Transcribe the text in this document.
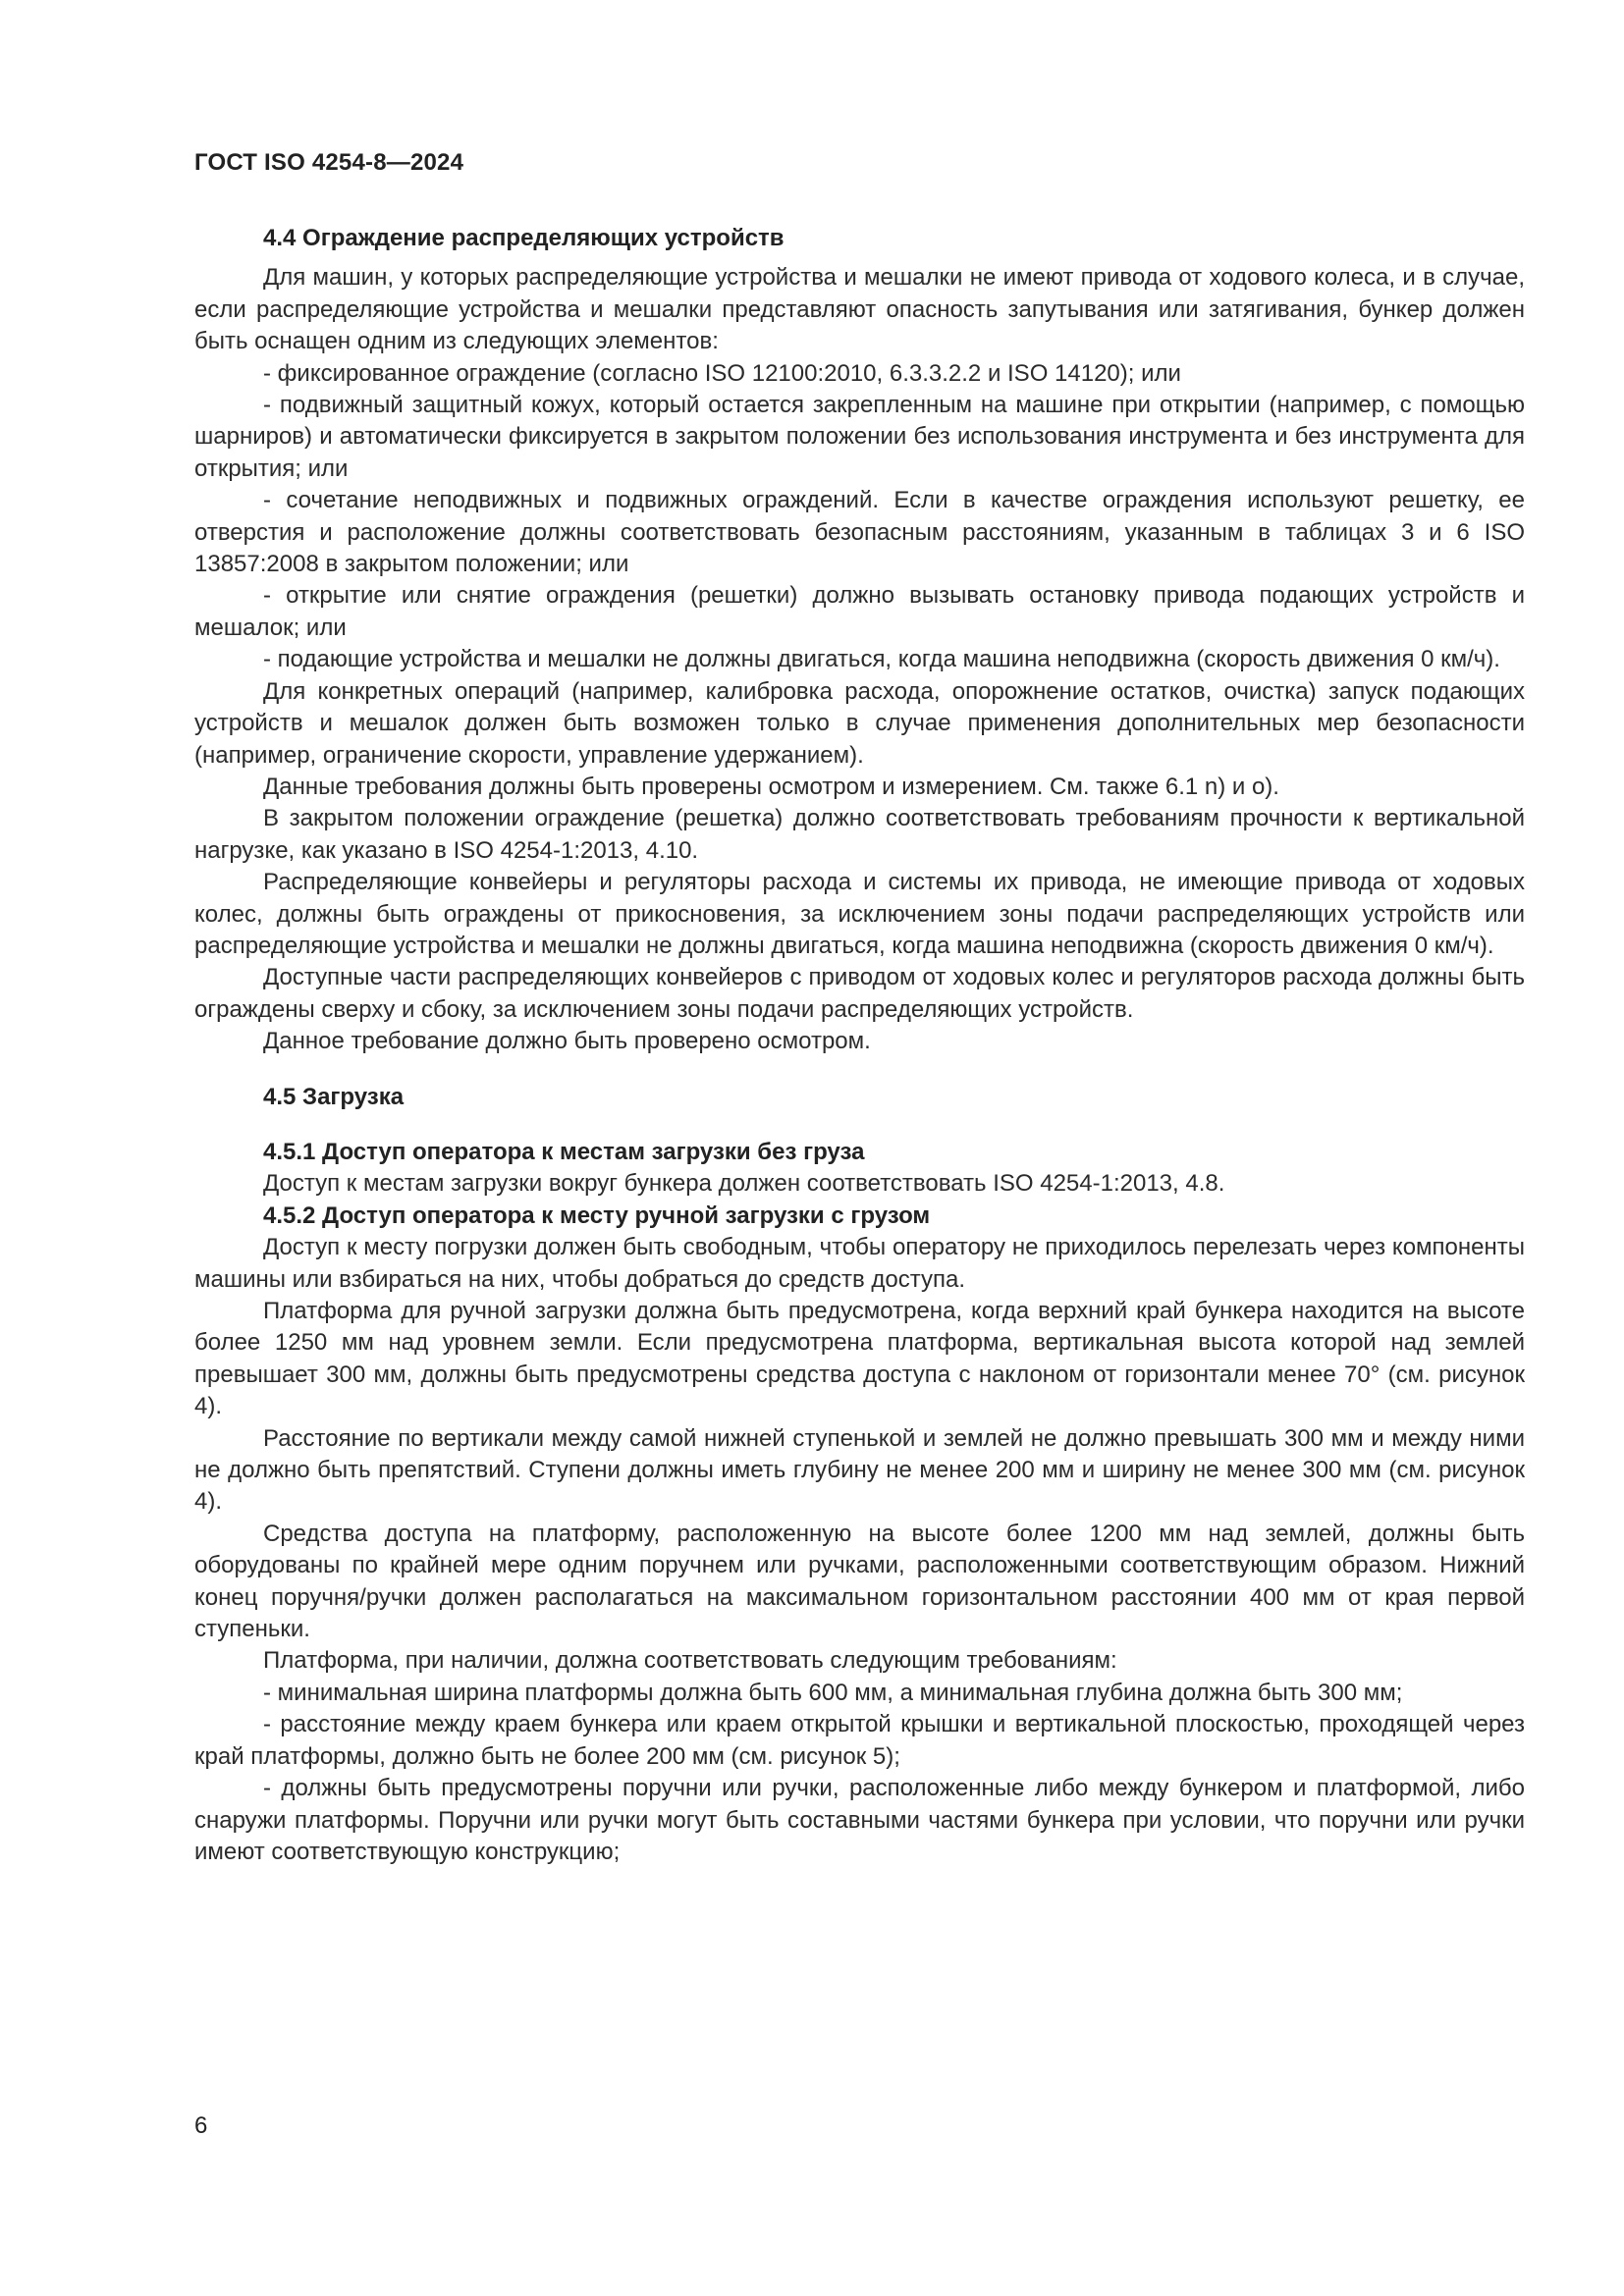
ГОСТ ISO 4254-8—2024
4.4 Ограждение распределяющих устройств

Для машин, у которых распределяющие устройства и мешалки не имеют привода от ходового колеса, и в случае, если распределяющие устройства и мешалки представляют опасность запутывания или затягивания, бункер должен быть оснащен одним из следующих элементов:

- фиксированное ограждение (согласно ISO 12100:2010, 6.3.3.2.2 и ISO 14120); или

- подвижный защитный кожух, который остается закрепленным на машине при открытии (например, с помощью шарниров) и автоматически фиксируется в закрытом положении без использования инструмента и без инструмента для открытия; или

- сочетание неподвижных и подвижных ограждений. Если в качестве ограждения используют решетку, ее отверстия и расположение должны соответствовать безопасным расстояниям, указанным в таблицах 3 и 6 ISO 13857:2008 в закрытом положении; или

- открытие или снятие ограждения (решетки) должно вызывать остановку привода подающих устройств и мешалок; или

- подающие устройства и мешалки не должны двигаться, когда машина неподвижна (скорость движения 0 км/ч).

Для конкретных операций (например, калибровка расхода, опорожнение остатков, очистка) запуск подающих устройств и мешалок должен быть возможен только в случае применения дополнительных мер безопасности (например, ограничение скорости, управление удержанием).

Данные требования должны быть проверены осмотром и измерением. См. также 6.1 n) и o).

В закрытом положении ограждение (решетка) должно соответствовать требованиям прочности к вертикальной нагрузке, как указано в ISO 4254-1:2013, 4.10.

Распределяющие конвейеры и регуляторы расхода и системы их привода, не имеющие привода от ходовых колес, должны быть ограждены от прикосновения, за исключением зоны подачи распределяющих устройств или распределяющие устройства и мешалки не должны двигаться, когда машина неподвижна (скорость движения 0 км/ч).

Доступные части распределяющих конвейеров с приводом от ходовых колес и регуляторов расхода должны быть ограждены сверху и сбоку, за исключением зоны подачи распределяющих устройств.

Данное требование должно быть проверено осмотром.

4.5 Загрузка
4.5.1 Доступ оператора к местам загрузки без груза

Доступ к местам загрузки вокруг бункера должен соответствовать ISO 4254-1:2013, 4.8.

4.5.2 Доступ оператора к месту ручной загрузки с грузом

Доступ к месту погрузки должен быть свободным, чтобы оператору не приходилось перелезать через компоненты машины или взбираться на них, чтобы добраться до средств доступа.

Платформа для ручной загрузки должна быть предусмотрена, когда верхний край бункера находится на высоте более 1250 мм над уровнем земли. Если предусмотрена платформа, вертикальная высота которой над землей превышает 300 мм, должны быть предусмотрены средства доступа с наклоном от горизонтали менее 70° (см. рисунок 4).

Расстояние по вертикали между самой нижней ступенькой и землей не должно превышать 300 мм и между ними не должно быть препятствий. Ступени должны иметь глубину не менее 200 мм и ширину не менее 300 мм (см. рисунок 4).

Средства доступа на платформу, расположенную на высоте более 1200 мм над землей, должны быть оборудованы по крайней мере одним поручнем или ручками, расположенными соответствующим образом. Нижний конец поручня/ручки должен располагаться на максимальном горизонтальном расстоянии 400 мм от края первой ступеньки.

Платформа, при наличии, должна соответствовать следующим требованиям:

- минимальная ширина платформы должна быть 600 мм, а минимальная глубина должна быть 300 мм;

- расстояние между краем бункера или краем открытой крышки и вертикальной плоскостью, проходящей через край платформы, должно быть не более 200 мм (см. рисунок 5);

- должны быть предусмотрены поручни или ручки, расположенные либо между бункером и платформой, либо снаружи платформы. Поручни или ручки могут быть составными частями бункера при условии, что поручни или ручки имеют соответствующую конструкцию;

6
